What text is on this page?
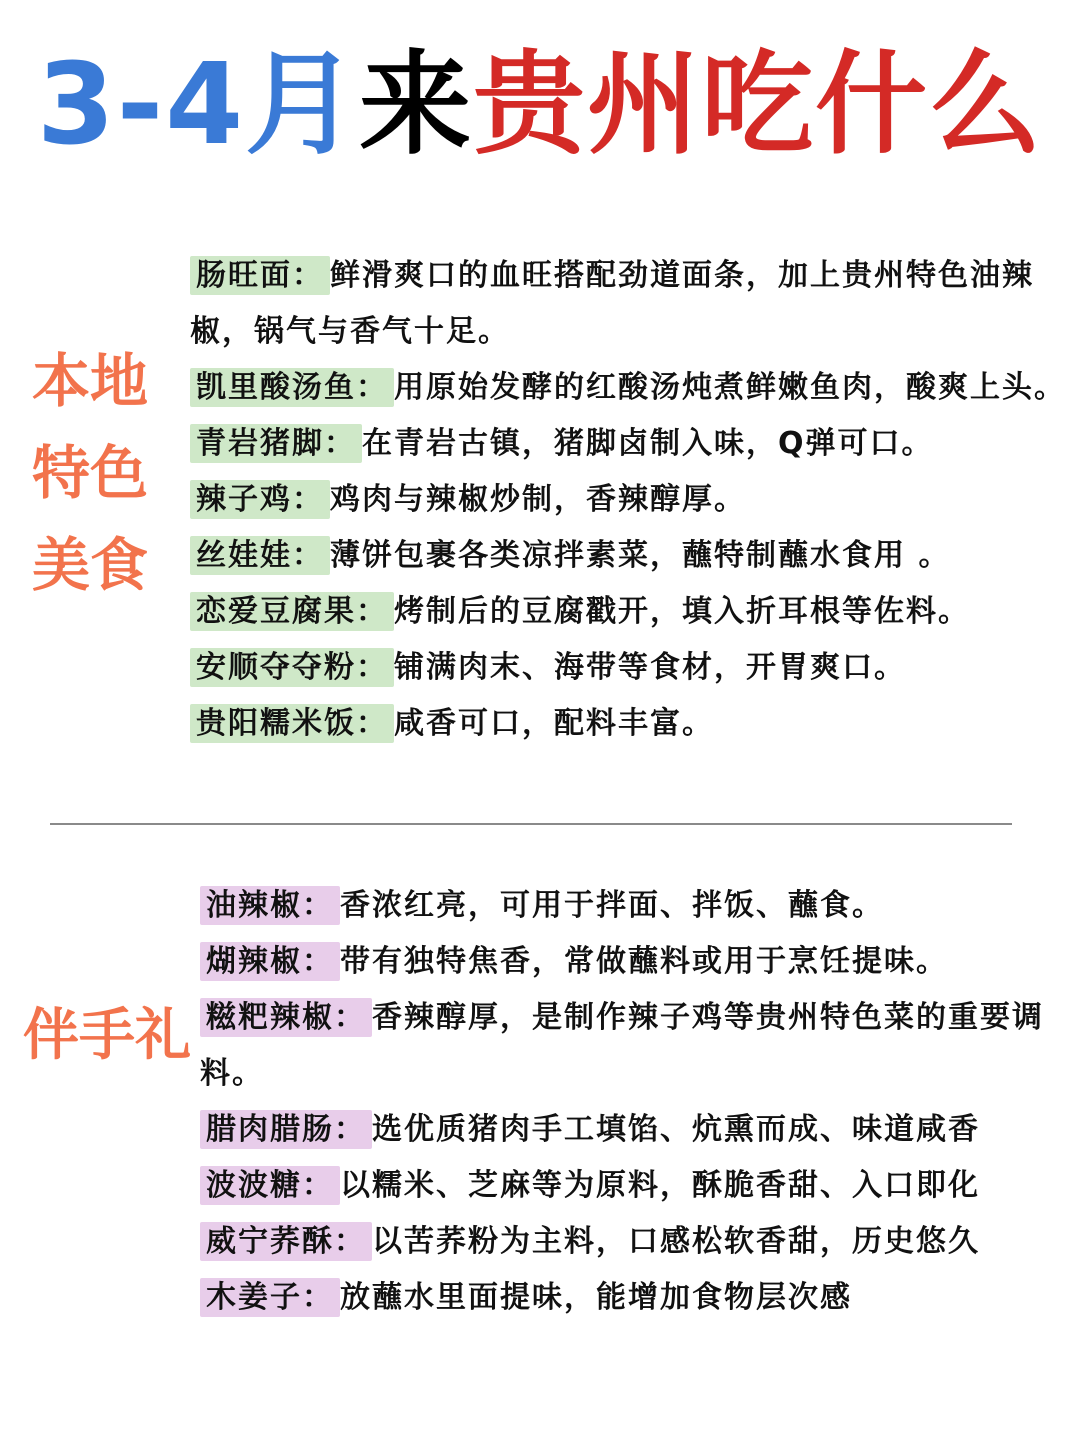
3-4月来贵州吃什么
本地
特色
美食

肠旺面： 鲜滑爽口的血旺搭配劲道面条，加上贵州特色油辣椒，锅气与香气十足。

凯里酸汤鱼： 用原始发酵的红酸汤炖煮鲜嫩鱼肉，酸爽上头。

青岩猪脚： 在青岩古镇，猪脚卤制入味，Q弹可口。

辣子鸡： 鸡肉与辣椒炒制，香辣醇厚。

丝娃娃： 薄饼包裹各类凉拌素菜，蘸特制蘸水食用 。

恋爱豆腐果： 烤制后的豆腐戳开，填入折耳根等佐料。

安顺夺夺粉： 铺满肉末、海带等食材，开胃爽口。

贵阳糯米饭： 咸香可口，配料丰富。

伴手礼

油辣椒： 香浓红亮，可用于拌面、拌饭、蘸食。

煳辣椒： 带有独特焦香，常做蘸料或用于烹饪提味。

糍粑辣椒： 香辣醇厚，是制作辣子鸡等贵州特色菜的重要调料。

腊肉腊肠： 选优质猪肉手工填馅、炕熏而成、味道咸香

波波糖： 以糯米、芝麻等为原料，酥脆香甜、入口即化

威宁荞酥： 以苦荞粉为主料，口感松软香甜，历史悠久

木姜子： 放蘸水里面提味，能增加食物层次感
